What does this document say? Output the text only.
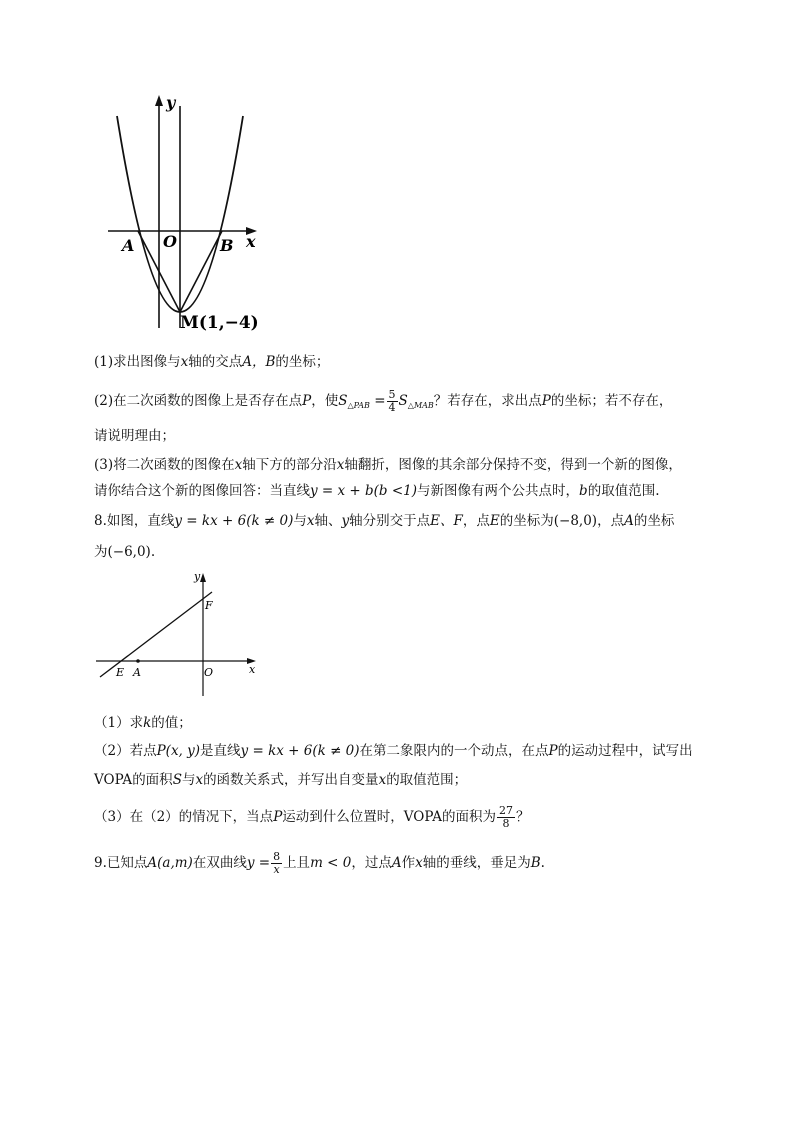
y
x
A O	B
M(1,−4)
(1)求出图像与x轴的交点A，B的坐标；
(2)在二次函数的图像上是否存在点P，使$S_{\triangle PAB} = \frac{5}{4} S_{\triangle MAB}$？若存在，求出点P的坐标；若不存在，
请说明理由；
(3)将二次函数的图像在x轴下方的部分沿x轴翻折，图像的其余部分保持不变，得到一个新的图像，
请你结合这个新的图像回答：当直线y = x + b(b <1)与新图像有两个公共点时，b的取值范围.
8.如图，直线y = kx + 6(k ≠ 0)与x轴、y轴分别交于点E、F，点E的坐标为(−8,0)，点A的坐标
为(−6,0).
x
y
F
E A	O
（1）求k的值；
（2）若点P(x, y)是直线y = kx + 6(k ≠ 0)在第二象限内的一个动点，在点P的运动过程中，试写出
VOPA的面积S与x的函数关系式，并写出自变量x的取值范围；
（3）在（2）的情况下，当点P运动到什么位置时，VOPA的面积为 $\frac{27}{8}$ ？
9.已知点A(a,m)在双曲线$y = \frac{8}{x}$ 上且m < 0，过点A作x轴的垂线，垂足为B.
